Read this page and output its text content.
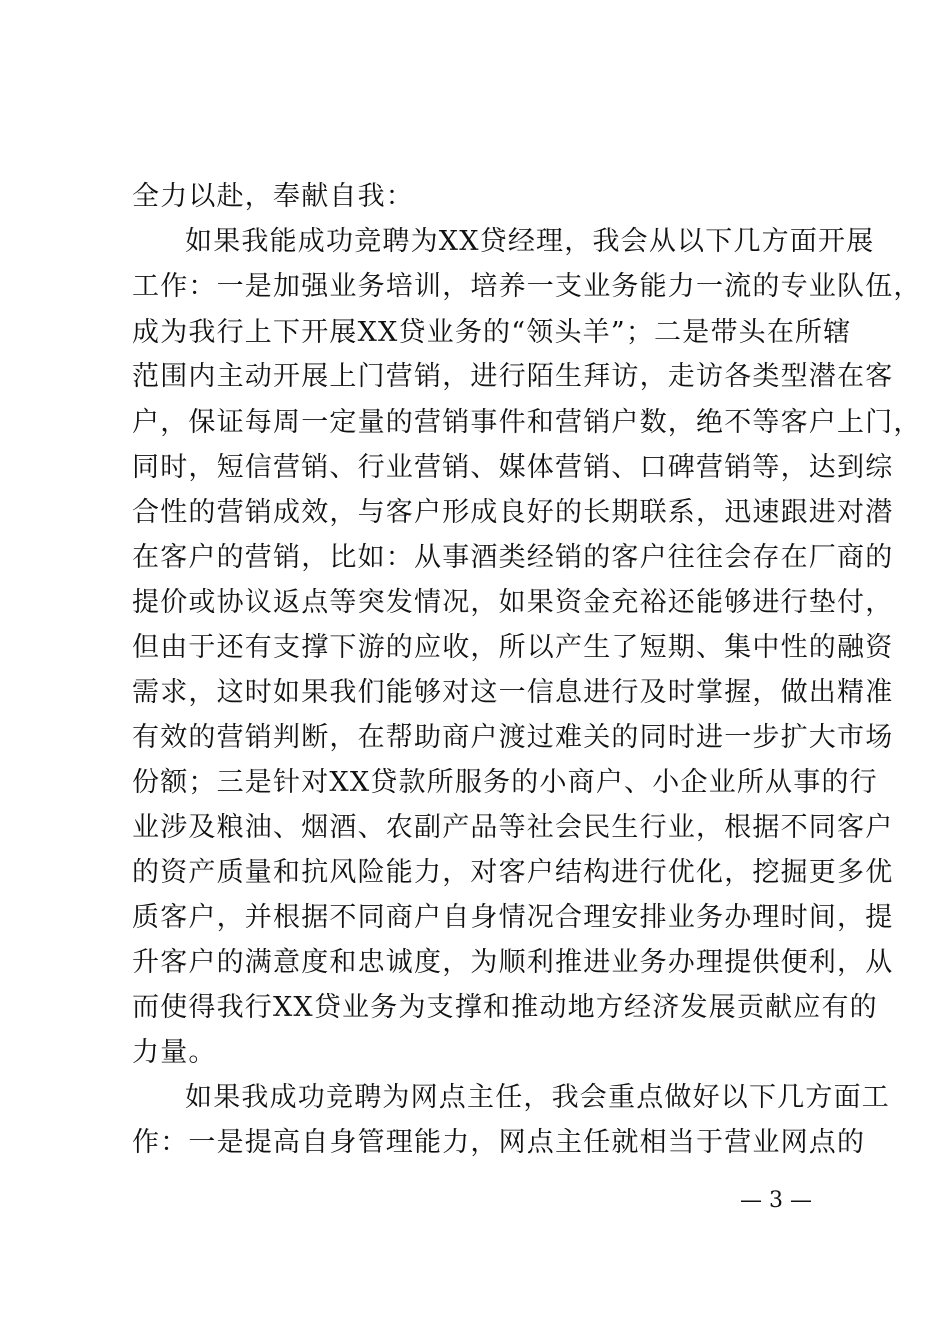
全力以赴，奉献自我：
如果我能成功竞聘为XX贷经理，我会从以下几方面开展
工作：一是加强业务培训，培养一支业务能力一流的专业队伍，
成为我行上下开展XX贷业务的“领头羊”；二是带头在所辖
范围内主动开展上门营销，进行陌生拜访，走访各类型潜在客
户，保证每周一定量的营销事件和营销户数，绝不等客户上门，
同时，短信营销、行业营销、媒体营销、口碑营销等，达到综
合性的营销成效，与客户形成良好的长期联系，迅速跟进对潜
在客户的营销，比如：从事酒类经销的客户往往会存在厂商的
提价或协议返点等突发情况，如果资金充裕还能够进行垫付，
但由于还有支撑下游的应收，所以产生了短期、集中性的融资
需求，这时如果我们能够对这一信息进行及时掌握，做出精准
有效的营销判断，在帮助商户渡过难关的同时进一步扩大市场
份额；三是针对XX贷款所服务的小商户、小企业所从事的行
业涉及粮油、烟酒、农副产品等社会民生行业，根据不同客户
的资产质量和抗风险能力，对客户结构进行优化，挖掘更多优
质客户，并根据不同商户自身情况合理安排业务办理时间，提
升客户的满意度和忠诚度，为顺利推进业务办理提供便利，从
而使得我行XX贷业务为支撑和推动地方经济发展贡献应有的
力量。
如果我成功竞聘为网点主任，我会重点做好以下几方面工
作：一是提高自身管理能力，网点主任就相当于营业网点的
— 3 —
